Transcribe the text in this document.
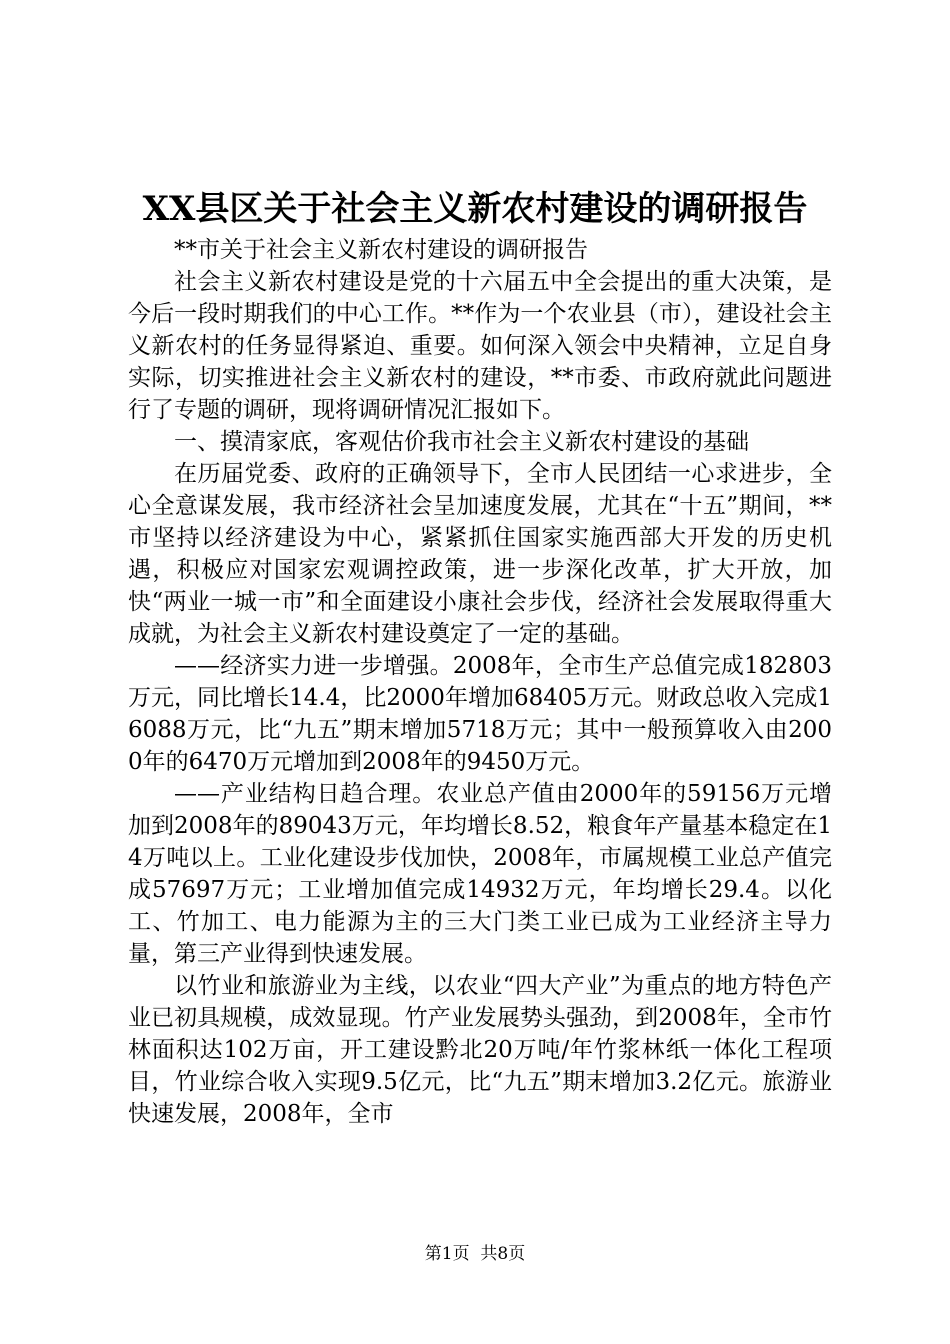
XX县区关于社会主义新农村建设的调研报告

**市关于社会主义新农村建设的调研报告

社会主义新农村建设是党的十六届五中全会提出的重大决策，是今后一段时期我们的中心工作。**作为一个农业县（市），建设社会主义新农村的任务显得紧迫、重要。如何深入领会中央精神，立足自身实际，切实推进社会主义新农村的建设，**市委、市政府就此问题进行了专题的调研，现将调研情况汇报如下。

一、摸清家底，客观估价我市社会主义新农村建设的基础

在历届党委、政府的正确领导下，全市人民团结一心求进步，全心全意谋发展，我市经济社会呈加速度发展，尤其在“十五”期间，**市坚持以经济建设为中心，紧紧抓住国家实施西部大开发的历史机遇，积极应对国家宏观调控政策，进一步深化改革，扩大开放，加快“两业一城一市”和全面建设小康社会步伐，经济社会发展取得重大成就，为社会主义新农村建设奠定了一定的基础。

——经济实力进一步增强。2008年，全市生产总值完成182803万元，同比增长14.4，比2000年增加68405万元。财政总收入完成16088万元，比“九五”期末增加5718万元；其中一般预算收入由2000年的6470万元增加到2008年的9450万元。

——产业结构日趋合理。农业总产值由2000年的59156万元增加到2008年的89043万元，年均增长8.52，粮食年产量基本稳定在14万吨以上。工业化建设步伐加快，2008年，市属规模工业总产值完成57697万元；工业增加值完成14932万元，年均增长29.4。以化工、竹加工、电力能源为主的三大门类工业已成为工业经济主导力量，第三产业得到快速发展。

以竹业和旅游业为主线，以农业“四大产业”为重点的地方特色产业已初具规模，成效显现。竹产业发展势头强劲，到2008年，全市竹林面积达102万亩，开工建设黔北20万吨/年竹浆林纸一体化工程项目，竹业综合收入实现9.5亿元，比“九五”期末增加3.2亿元。旅游业快速发展，2008年，全市

第1页 共8页
